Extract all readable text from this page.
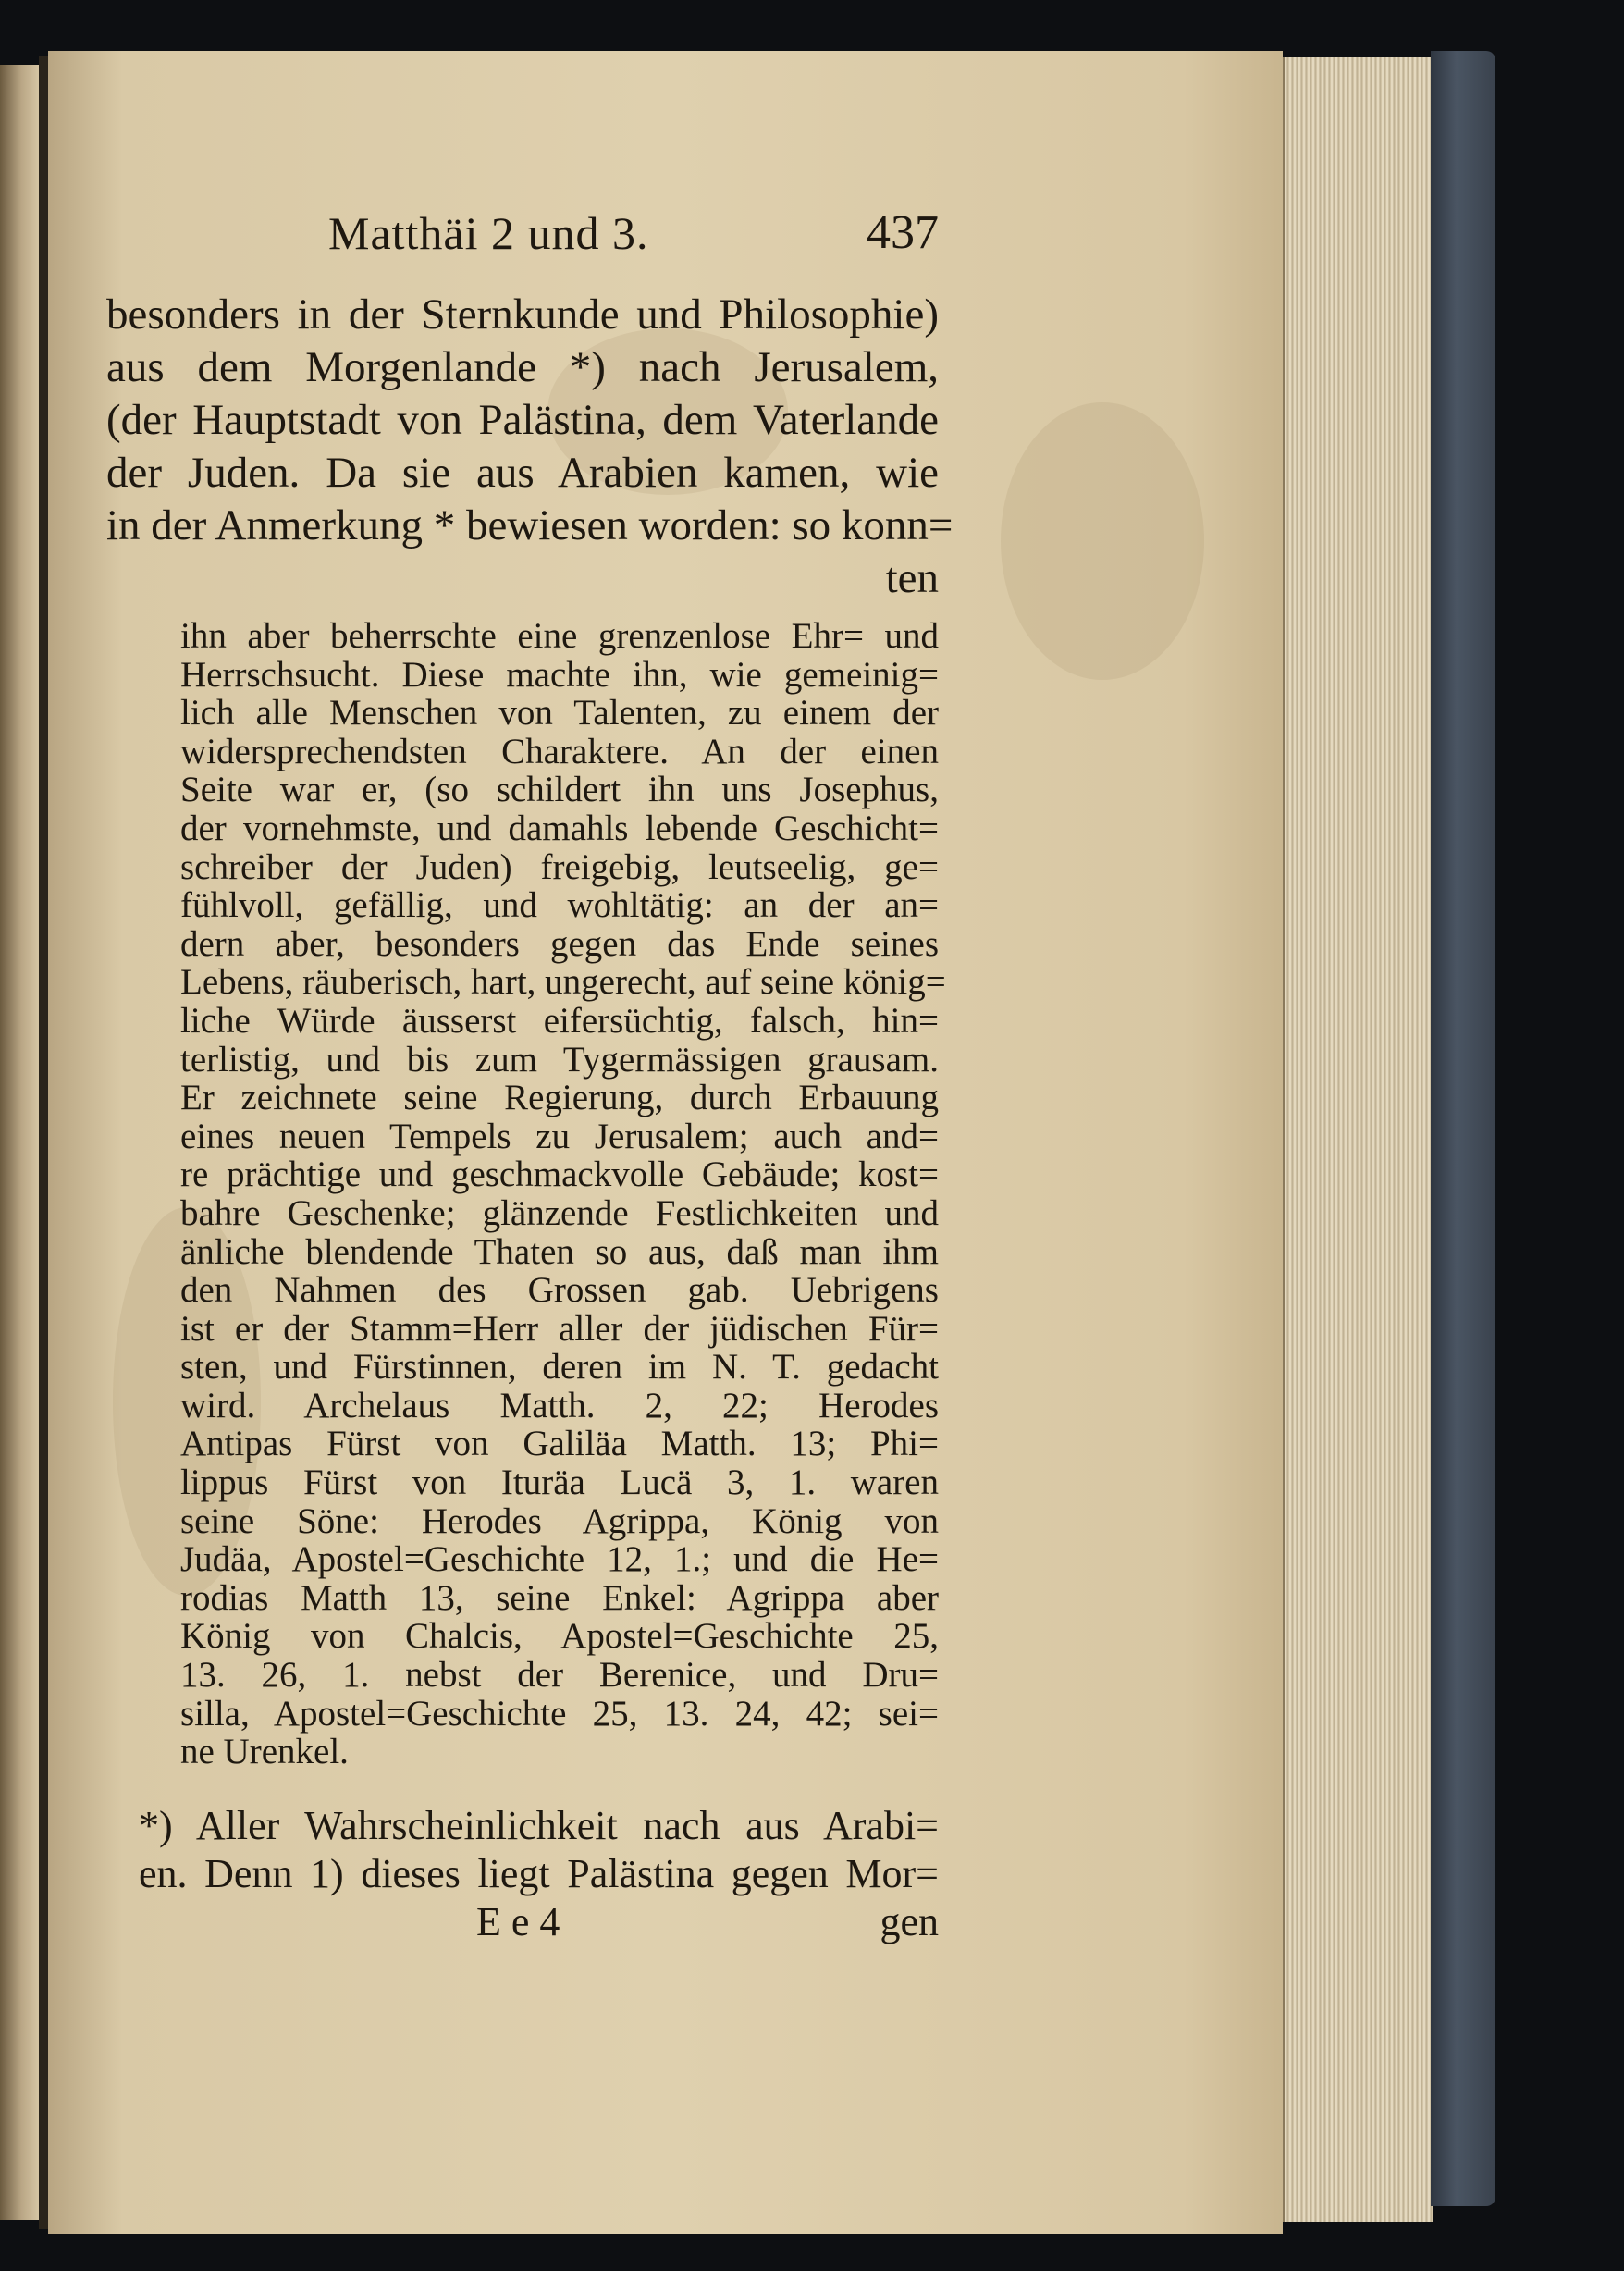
Matthäi 2 und 3.	437
besonders in der Sternkunde und Philosophie)
aus dem Morgenlande *) nach Jerusalem,
(der Hauptstadt von Palästina, dem Vaterlande
der Juden. Da sie aus Arabien kamen, wie
in der Anmerkung * bewiesen worden: so konn=
ten
ihn aber beherrschte eine grenzenlose Ehr= und
Herrschsucht. Diese machte ihn, wie gemeinig=
lich alle Menschen von Talenten, zu einem der
widersprechendsten Charaktere. An der einen
Seite war er, (so schildert ihn uns Josephus,
der vornehmste, und damahls lebende Geschicht=
schreiber der Juden) freigebig, leutseelig, ge=
fühlvoll, gefällig, und wohltätig: an der an=
dern aber, besonders gegen das Ende seines
Lebens, räuberisch, hart, ungerecht, auf seine könig=
liche Würde äusserst eifersüchtig, falsch, hin=
terlistig, und bis zum Tygermässigen grausam.
Er zeichnete seine Regierung, durch Erbauung
eines neuen Tempels zu Jerusalem; auch and=
re prächtige und geschmackvolle Gebäude; kost=
bahre Geschenke; glänzende Festlichkeiten und
änliche blendende Thaten so aus, daß man ihm
den Nahmen des Grossen gab. Uebrigens
ist er der Stamm=Herr aller der jüdischen Für=
sten, und Fürstinnen, deren im N. T. gedacht
wird. Archelaus Matth. 2, 22; Herodes
Antipas Fürst von Galiläa Matth. 13; Phi=
lippus Fürst von Ituräa Lucä 3, 1. waren
seine Söne: Herodes Agrippa, König von
Judäa, Apostel=Geschichte 12, 1.; und die He=
rodias Matth 13, seine Enkel: Agrippa aber
König von Chalcis, Apostel=Geschichte 25,
13. 26, 1. nebst der Berenice, und Dru=
silla, Apostel=Geschichte 25, 13. 24, 42; sei=
ne Urenkel.
*) Aller Wahrscheinlichkeit nach aus Arabi=
en. Denn 1) dieses liegt Palästina gegen Mor=
E e 4	gen
